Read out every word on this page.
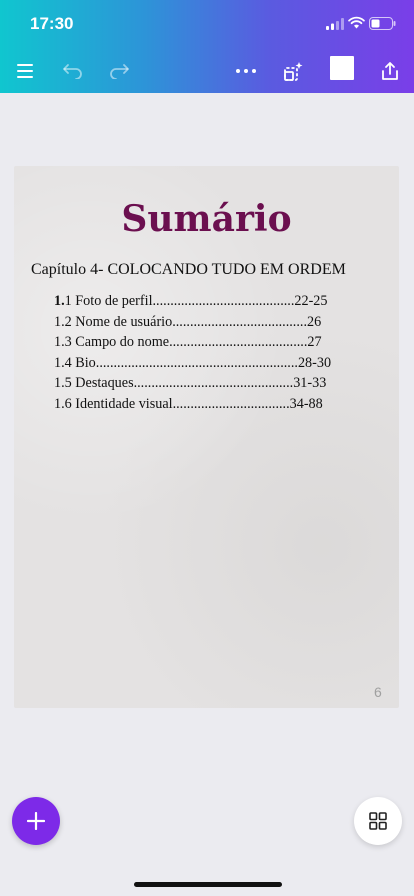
17:30
Sumário
Capítulo 4- COLOCANDO TUDO EM ORDEM
1.1 Foto de perfil........................................22-25
1.2 Nome de usuário......................................26
1.3 Campo do nome.......................................27
1.4 Bio.........................................................28-30
1.5 Destaques.............................................31-33
1.6 Identidade visual.................................34-88
6
